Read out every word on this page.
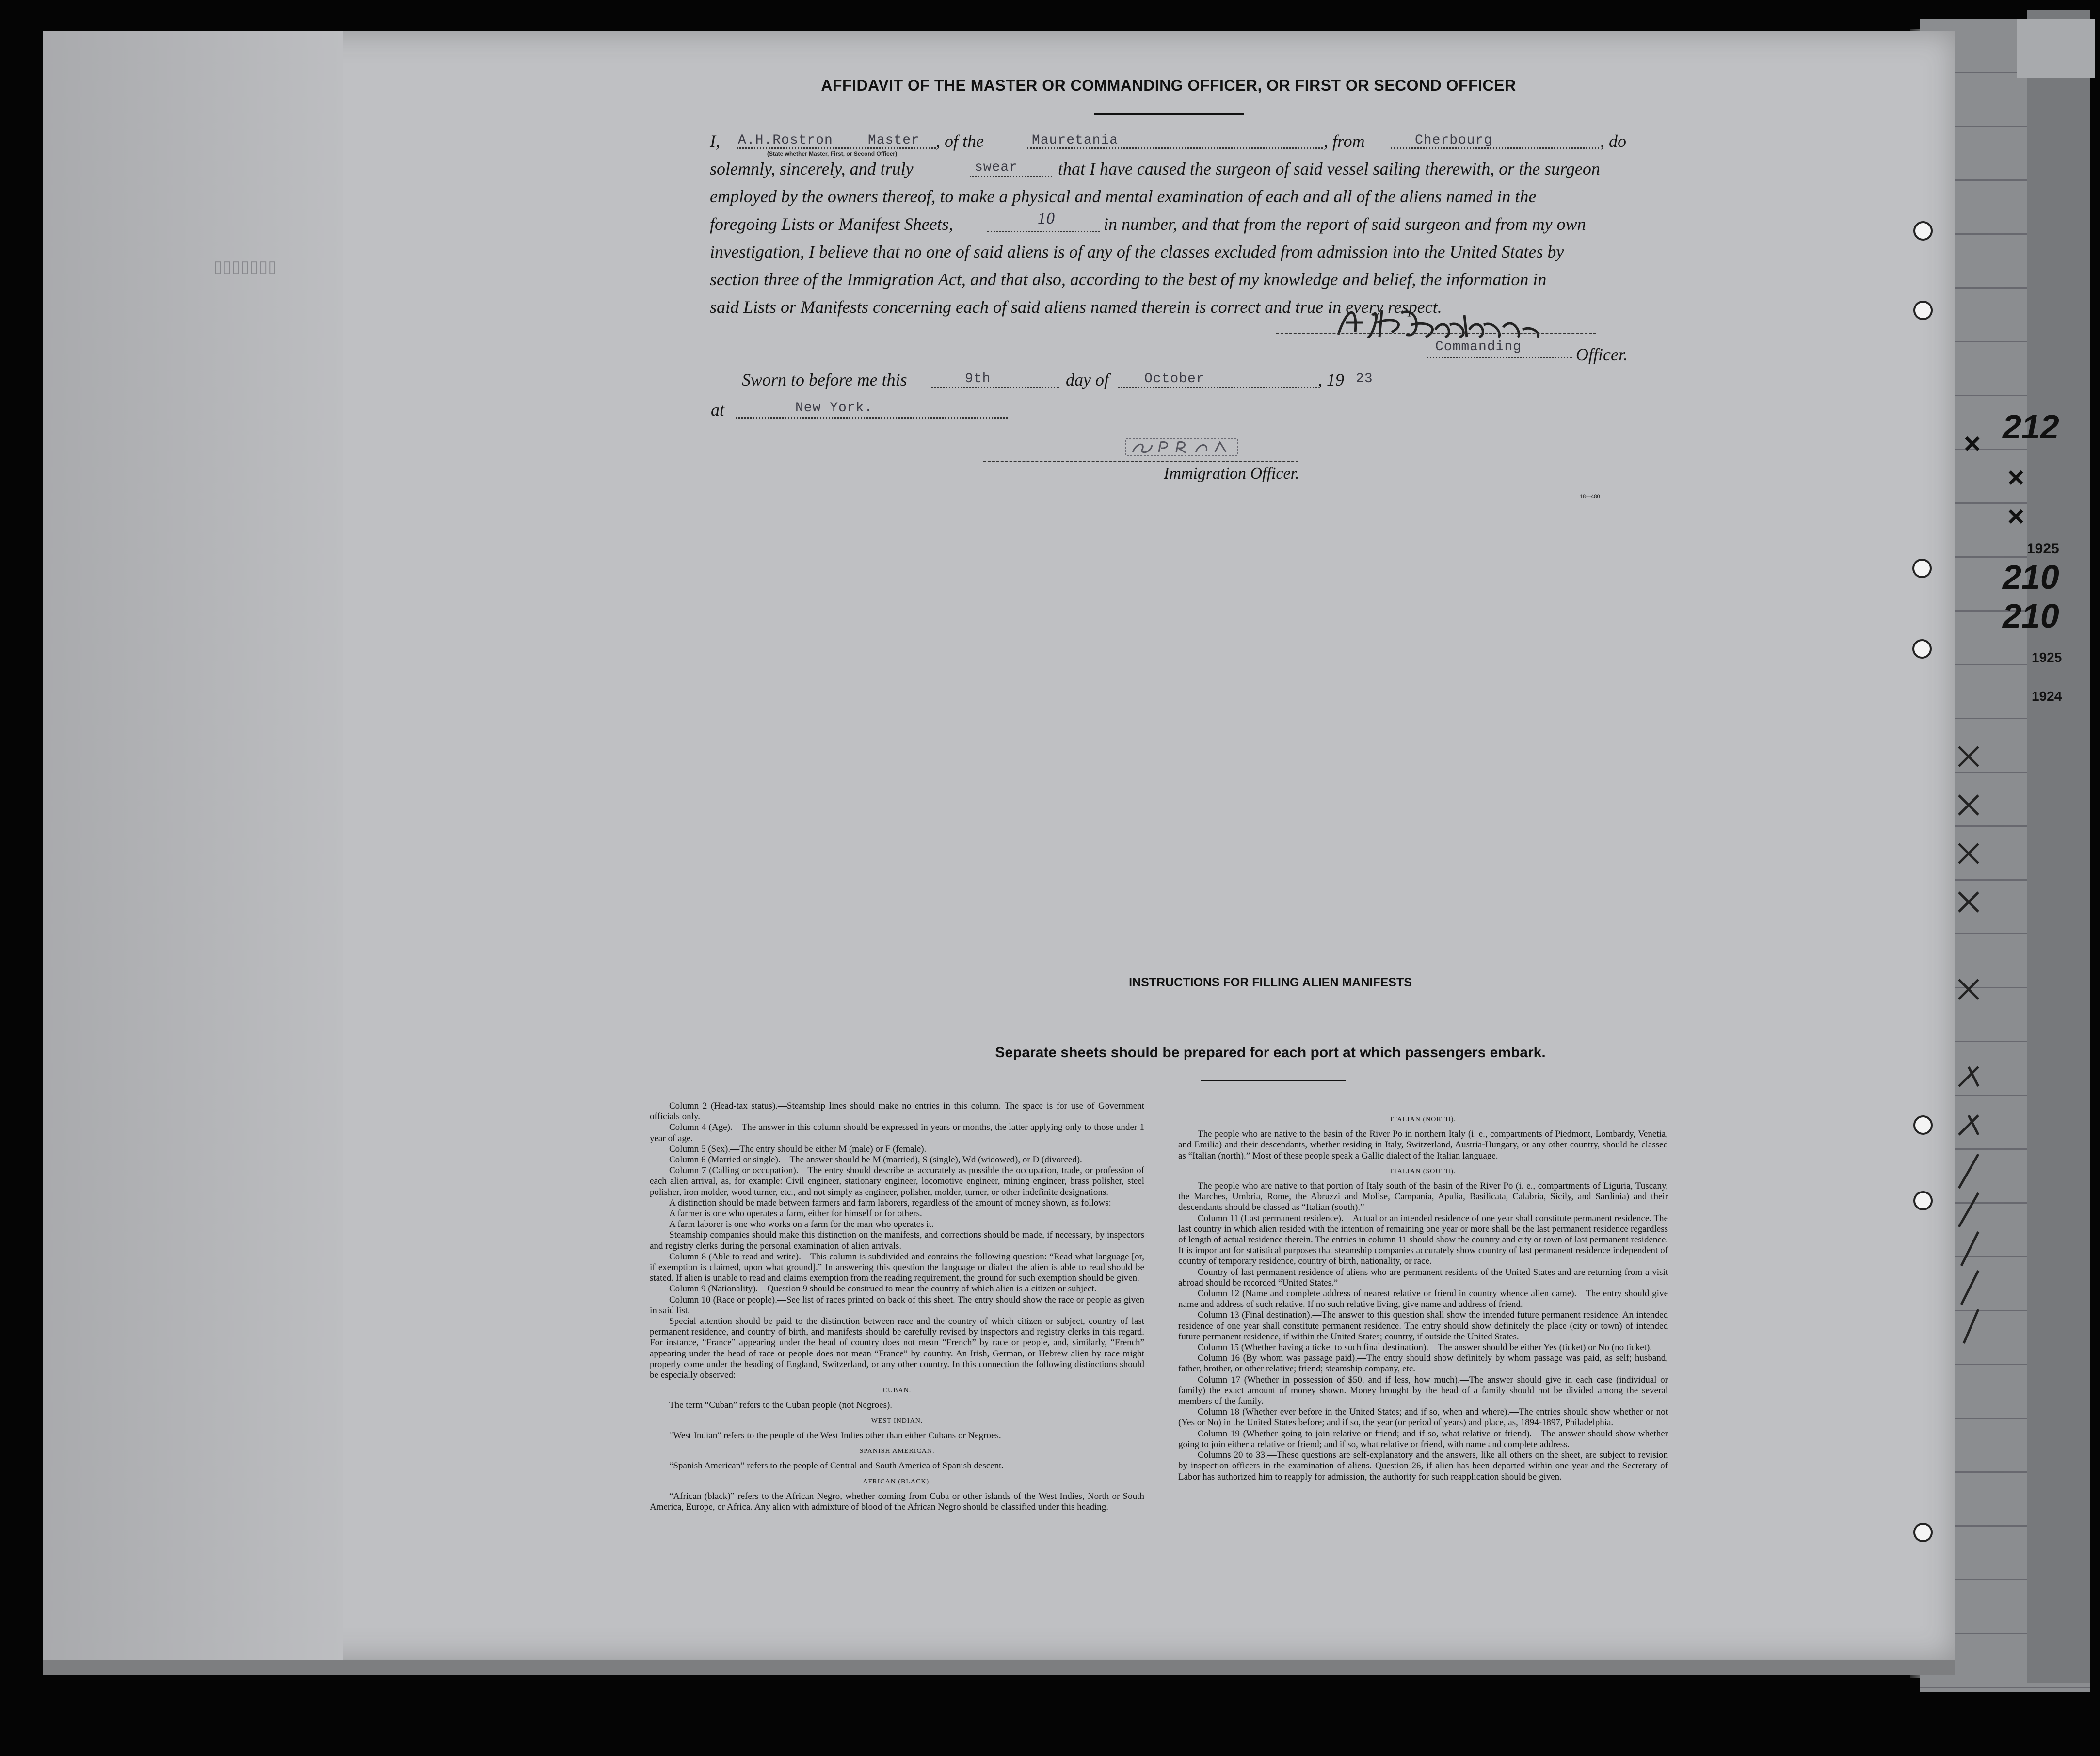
▯▯▯▯▯▯▯
AFFIDAVIT OF THE MASTER OR COMMANDING OFFICER, OR FIRST OR SECOND OFFICER
I, A.H.Rostron	Master
(State whether Master, First, or Second Officer)
, of the	Mauretania	, from	Cherbourg	, do
solemnly, sincerely, and truly	swear that I have caused the surgeon of said vessel sailing therewith, or the surgeon
employed by the owners thereof, to make a physical and mental examination of each and all of the aliens named in the
foregoing Lists or Manifest Sheets,	10	in number, and that from the report of said surgeon and from my own
investigation, I believe that no one of said aliens is of any of the classes excluded from admission into the United States by
section three of the Immigration Act, and that also, according to the best of my knowledge and belief, the information in
said Lists or Manifests concerning each of said aliens named therein is correct and true in every respect.
Commanding	Officer.
Sworn to before me this	9th	day of	October	, 19 23
at	New York.
Immigration Officer.
18—480
INSTRUCTIONS FOR FILLING ALIEN MANIFESTS
Separate sheets should be prepared for each port at which passengers embark.

Column 2 (Head-tax status).—Steamship lines should make no entries in this column. The space is for use of Government officials only.

Column 4 (Age).—The answer in this column should be expressed in years or months, the latter applying only to those under 1 year of age.

Column 5 (Sex).—The entry should be either M (male) or F (female).

Column 6 (Married or single).—The answer should be M (married), S (single), Wd (widowed), or D (divorced).

Column 7 (Calling or occupation).—The entry should describe as accurately as possible the occupation, trade, or profession of each alien arrival, as, for example: Civil engineer, stationary engineer, locomotive engineer, mining engineer, brass polisher, steel polisher, iron molder, wood turner, etc., and not simply as engineer, polisher, molder, turner, or other indefinite designations.

A distinction should be made between farmers and farm laborers, regardless of the amount of money shown, as follows:

A farmer is one who operates a farm, either for himself or for others.

A farm laborer is one who works on a farm for the man who operates it.

Steamship companies should make this distinction on the manifests, and corrections should be made, if necessary, by inspectors and registry clerks during the personal examination of alien arrivals.

Column 8 (Able to read and write).—This column is subdivided and contains the following question: “Read what language [or, if exemption is claimed, upon what ground].” In answering this question the language or dialect the alien is able to read should be stated. If alien is unable to read and claims exemption from the reading requirement, the ground for such exemption should be given.

Column 9 (Nationality).—Question 9 should be construed to mean the country of which alien is a citizen or subject.

Column 10 (Race or people).—See list of races printed on back of this sheet. The entry should show the race or people as given in said list.

Special attention should be paid to the distinction between race and the country of which citizen or subject, country of last permanent residence, and country of birth, and manifests should be carefully revised by inspectors and registry clerks in this regard. For instance, “France” appearing under the head of country does not mean “French” by race or people, and, similarly, “French” appearing under the head of race or people does not mean “France” by country. An Irish, German, or Hebrew alien by race might properly come under the heading of England, Switzerland, or any other country. In this connection the following distinctions should be especially observed:

CUBAN.

The term “Cuban” refers to the Cuban people (not Negroes).

WEST INDIAN.

“West Indian” refers to the people of the West Indies other than either Cubans or Negroes.

SPANISH AMERICAN.

“Spanish American” refers to the people of Central and South America of Spanish descent.

AFRICAN (BLACK).

“African (black)” refers to the African Negro, whether coming from Cuba or other islands of the West Indies, North or South America, Europe, or Africa. Any alien with admixture of blood of the African Negro should be classified under this heading.

ITALIAN (NORTH).

The people who are native to the basin of the River Po in northern Italy (i. e., compartments of Piedmont, Lombardy, Venetia, and Emilia) and their descendants, whether residing in Italy, Switzerland, Austria-Hungary, or any other country, should be classed as “Italian (north).” Most of these people speak a Gallic dialect of the Italian language.

ITALIAN (SOUTH).

The people who are native to that portion of Italy south of the basin of the River Po (i. e., compartments of Liguria, Tuscany, the Marches, Umbria, Rome, the Abruzzi and Molise, Campania, Apulia, Basilicata, Calabria, Sicily, and Sardinia) and their descendants should be classed as “Italian (south).”

Column 11 (Last permanent residence).—Actual or an intended residence of one year shall constitute permanent residence. The last country in which alien resided with the intention of remaining one year or more shall be the last permanent residence regardless of length of actual residence therein. The entries in column 11 should show the country and city or town of last permanent residence. It is important for statistical purposes that steamship companies accurately show country of last permanent residence independent of country of temporary residence, country of birth, nationality, or race.

Country of last permanent residence of aliens who are permanent residents of the United States and are returning from a visit abroad should be recorded “United States.”

Column 12 (Name and complete address of nearest relative or friend in country whence alien came).—The entry should give name and address of such relative. If no such relative living, give name and address of friend.

Column 13 (Final destination).—The answer to this question shall show the intended future permanent residence. An intended residence of one year shall constitute permanent residence. The entry should show definitely the place (city or town) of intended future permanent residence, if within the United States; country, if outside the United States.

Column 15 (Whether having a ticket to such final destination).—The answer should be either Yes (ticket) or No (no ticket).

Column 16 (By whom was passage paid).—The entry should show definitely by whom passage was paid, as self; husband, father, brother, or other relative; friend; steamship company, etc.

Column 17 (Whether in possession of $50, and if less, how much).—The answer should give in each case (individual or family) the exact amount of money shown. Money brought by the head of a family should not be divided among the several members of the family.

Column 18 (Whether ever before in the United States; and if so, when and where).—The entries should show whether or not (Yes or No) in the United States before; and if so, the year (or period of years) and place, as, 1894-1897, Philadelphia.

Column 19 (Whether going to join relative or friend; and if so, what relative or friend).—The answer should show whether going to join either a relative or friend; and if so, what relative or friend, with name and complete address.

Columns 20 to 33.—These questions are self-explanatory and the answers, like all others on the sheet, are subject to revision by inspection officers in the examination of aliens. Question 26, if alien has been deported within one year and the Secretary of Labor has authorized him to reapply for admission, the authority for such reapplication should be given.

212
×
×
×
1925
210
210
1925
1924
